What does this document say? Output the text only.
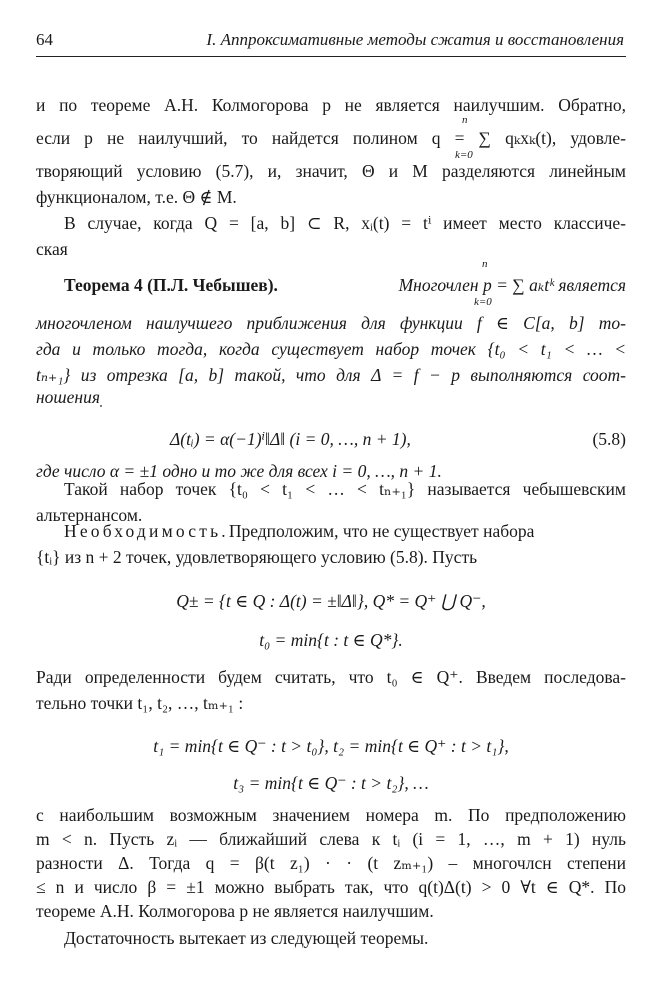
64	I. Аппроксимативные методы сжатия и восстановления
и по теореме А.Н. Колмогорова p не является наилучшим. Обратно,
если p не наилучший, то найдется полином q = ∑ qₖxₖ(t), удовле-
n
k=0
творяющий условию (5.7), и, значит, Θ и M разделяются линейным
функционалом, т.е. Θ ∉ M.
В случае, когда Q = [a, b] ⊂ R, xᵢ(t) = tⁱ имеет место классиче-
ская
n
Теорема 4 (П.Л. Чебышев).	Многочлен p = ∑ aₖtᵏ является
k=0
многочленом наилучшего приближения для функции f ∈ C[a, b] то-
гда и только тогда, когда существует набор точек {t₀ < t₁ < … <
tₙ₊₁} из отрезка [a, b] такой, что для Δ = f − p выполняются соот-
ношения
Δ(tᵢ) = α(−1)ⁱ‖Δ‖ (i = 0, …, n + 1),	(5.8)
где число α = ±1 одно и то же для всех i = 0, …, n + 1.
Такой набор точек {t₀ < t₁ < … < tₙ₊₁} называется чебышевским
альтернансом.
Необходимость. Предположим, что не существует набора
{tᵢ} из n + 2 точек, удовлетворяющего условию (5.8). Пусть
Q± = {t ∈ Q : Δ(t) = ±‖Δ‖}, Q* = Q⁺ ⋃ Q⁻,
t₀ = min{t : t ∈ Q*}.
Ради определенности будем считать, что t₀ ∈ Q⁺. Введем последова-
тельно точки t₁, t₂, …, tₘ₊₁ :
t₁ = min{t ∈ Q⁻ : t > t₀}, t₂ = min{t ∈ Q⁺ : t > t₁},
t₃ = min{t ∈ Q⁻ : t > t₂}, …
с наибольшим возможным значением номера m. По предположению
m < n. Пусть zᵢ — ближайший слева к tᵢ (i = 1, …, m + 1) нуль
разности Δ. Тогда q = β(t z₁) · · (t zₘ₊₁) – многочлсн степени
≤ n и число β = ±1 можно выбрать так, что q(t)Δ(t) > 0 ∀t ∈ Q*. По
теореме А.Н. Колмогорова p не является наилучшим.
Достаточность вытекает из следующей теоремы.
